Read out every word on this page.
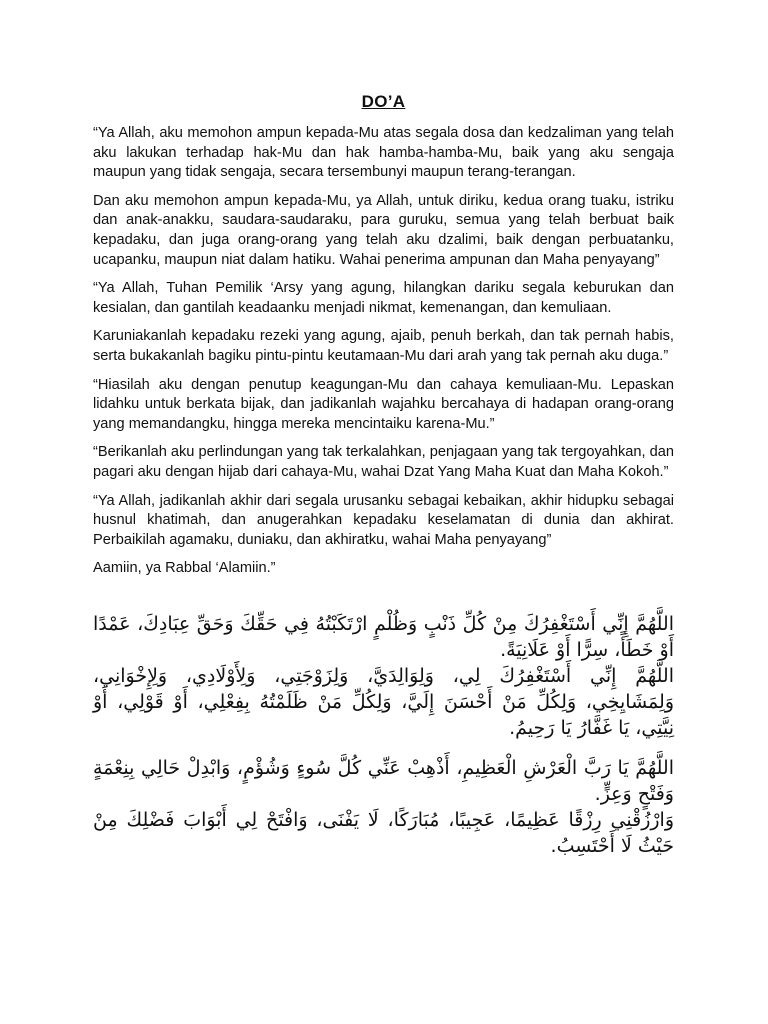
DO’A

“Ya Allah, aku memohon ampun kepada-Mu atas segala dosa dan kedzaliman yang telah aku lakukan terhadap hak-Mu dan hak hamba-hamba-Mu, baik yang aku sengaja maupun yang tidak sengaja, secara tersembunyi maupun terang-terangan.

Dan aku memohon ampun kepada-Mu, ya Allah, untuk diriku, kedua orang tuaku, istriku dan anak-anakku, saudara-saudaraku, para guruku, semua yang telah berbuat baik kepadaku, dan juga orang-orang yang telah aku dzalimi, baik dengan perbuatanku, ucapanku, maupun niat dalam hatiku. Wahai penerima ampunan dan Maha penyayang”

“Ya Allah, Tuhan Pemilik ‘Arsy yang agung, hilangkan dariku segala keburukan dan kesialan, dan gantilah keadaanku menjadi nikmat, kemenangan, dan kemuliaan.

Karuniakanlah kepadaku rezeki yang agung, ajaib, penuh berkah, dan tak pernah habis, serta bukakanlah bagiku pintu-pintu keutamaan-Mu dari arah yang tak pernah aku duga.”

“Hiasilah aku dengan penutup keagungan-Mu dan cahaya kemuliaan-Mu. Lepaskan lidahku untuk berkata bijak, dan jadikanlah wajahku bercahaya di hadapan orang-orang yang memandangku, hingga mereka mencintaiku karena-Mu.”

“Berikanlah aku perlindungan yang tak terkalahkan, penjagaan yang tak tergoyahkan, dan pagari aku dengan hijab dari cahaya-Mu, wahai Dzat Yang Maha Kuat dan Maha Kokoh.”

“Ya Allah, jadikanlah akhir dari segala urusanku sebagai kebaikan, akhir hidupku sebagai husnul khatimah, dan anugerahkan kepadaku keselamatan di dunia dan akhirat. Perbaikilah agamaku, duniaku, dan akhiratku, wahai Maha penyayang”

Aamiin, ya Rabbal ‘Alamiin.”

اللَّهُمَّ إِنِّي أَسْتَغْفِرُكَ مِنْ كُلِّ ذَنْبٍ وَظُلْمٍ ارْتَكَبْتُهُ فِي حَقِّكَ وَحَقِّ عِبَادِكَ، عَمْدًا أَوْ خَطَأً، سِرًّا أَوْ عَلَانِيَةً.
اللَّهُمَّ إِنِّي أَسْتَغْفِرُكَ لِي، وَلِوَالِدَيَّ، وَلِزَوْجَتِي، وَلِأَوْلَادِي، وَلِإِخْوَانِي، وَلِمَشَايِخِي، وَلِكُلِّ مَنْ أَحْسَنَ إِلَيَّ، وَلِكُلِّ مَنْ ظَلَمْتُهُ بِفِعْلِي، أَوْ قَوْلِي، أَوْ نِيَّتِي، يَا غَفَّارُ يَا رَحِيمُ.

اللَّهُمَّ يَا رَبَّ الْعَرْشِ الْعَظِيمِ، أَذْهِبْ عَنِّي كُلَّ سُوءٍ وَشُؤْمٍ، وَابْدِلْ حَالِي بِنِعْمَةٍ وَفَتْحٍ وَعِزٍّ.
وَارْزُقْنِي رِزْقًا عَظِيمًا، عَجِيبًا، مُبَارَكًا، لَا يَفْنَى، وَافْتَحْ لِي أَبْوَابَ فَضْلِكَ مِنْ حَيْثُ لَا أَحْتَسِبُ.
